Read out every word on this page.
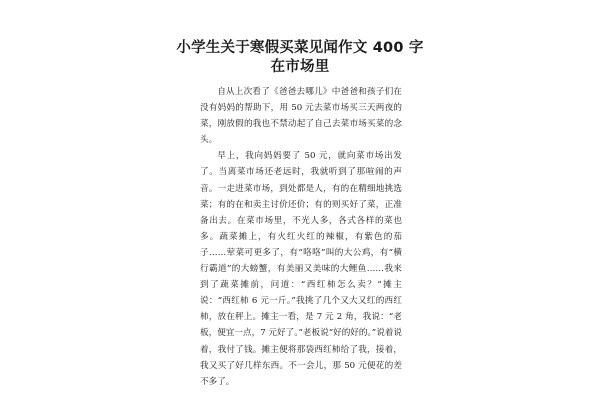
小学生关于寒假买菜见闻作文 400 字
在市场里

自从上次看了《爸爸去哪儿》中爸爸和孩子们在没有妈妈的帮助下，用 50 元去菜市场买三天两夜的菜，刚放假的我也不禁动起了自己去菜市场买菜的念头。

早上，我向妈妈要了 50 元，就向菜市场出发了。当离菜市场还老远时，我就听到了那喧闹的声音。一走进菜市场，到处都是人，有的在精细地挑选菜；有的在和卖主讨价还价；有的则买好了菜，正准备出去。在菜市场里，不光人多，各式各样的菜也多。蔬菜摊上，有火红火红的辣椒，有紫色的茄子……荤菜可更多了，有“咯咯”叫的大公鸡，有“横行霸道”的大螃蟹，有美丽又美味的大鲤鱼……我来到了蔬菜摊前，问道：“西红柿怎么卖？”摊主说：“西红柿 6 元一斤。”我挑了几个又大又红的西红柿，放在秤上。摊主一看，是 7 元 2 角，我说：“老板，便宜一点，7 元好了。”老板说“好的好的。”说着说着，我付了钱。摊主便将那袋西红柿给了我，接着，我又买了好几样东西。不一会儿，那 50 元便花的差不多了。
